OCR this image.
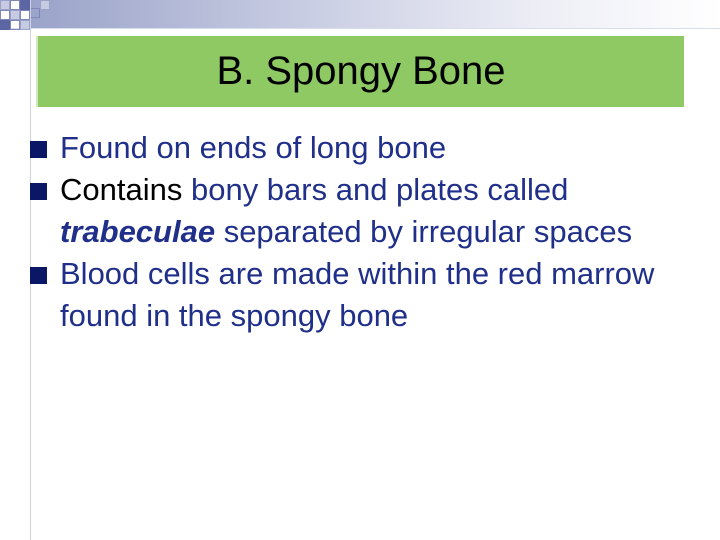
B. Spongy Bone
Found on ends of long bone
Contains bony bars and plates called trabeculae separated by irregular spaces
Blood cells are made within the red marrow found in the spongy bone
